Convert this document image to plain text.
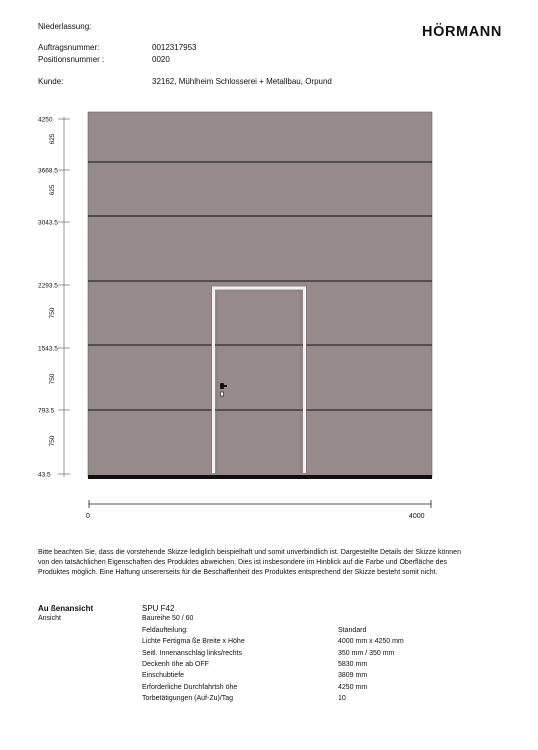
Niederlassung:	HÖRMANN
Auftragsnummer:	0012317953
Positionsnummer :	0020
Kunde:	32162, Mühlheim Schlosserei + Metallbau, Orpund
4250
3668.5
3043.5
2293.5
1543.5
793.5
43.5
625
625
750
750
750
0	4000
Bitte beachten Sie, dass die vorstehende Skizze lediglich beispielhaft und somit unverbindlich ist. Dargestellte Details der Skizze können
von den tatsächlichen Eigenschaften des Produktes abweichen. Dies ist insbesondere im Hinblick auf die Farbe und Oberfläche des
Produktes möglich. Eine Haftung unsererseits für die Beschaffenheit des Produktes entsprechend der Skizze besteht somit nicht.
Au ßenansicht
Ansicht
SPU F42
Baureihe 50 / 60
Feldaufteilung:	Standard
Lichte Fertigma ße Breite x Höhe	4000 mm x 4250 mm
Seitl. Innenanschlag links/rechts	350 mm / 350 mm
Deckenh öhe ab OFF	5830 mm
Einschubtiefe	3809 mm
Erforderliche Durchfahrtsh öhe	4250 mm
Torbetätigungen (Auf-Zu)/Tag	10
